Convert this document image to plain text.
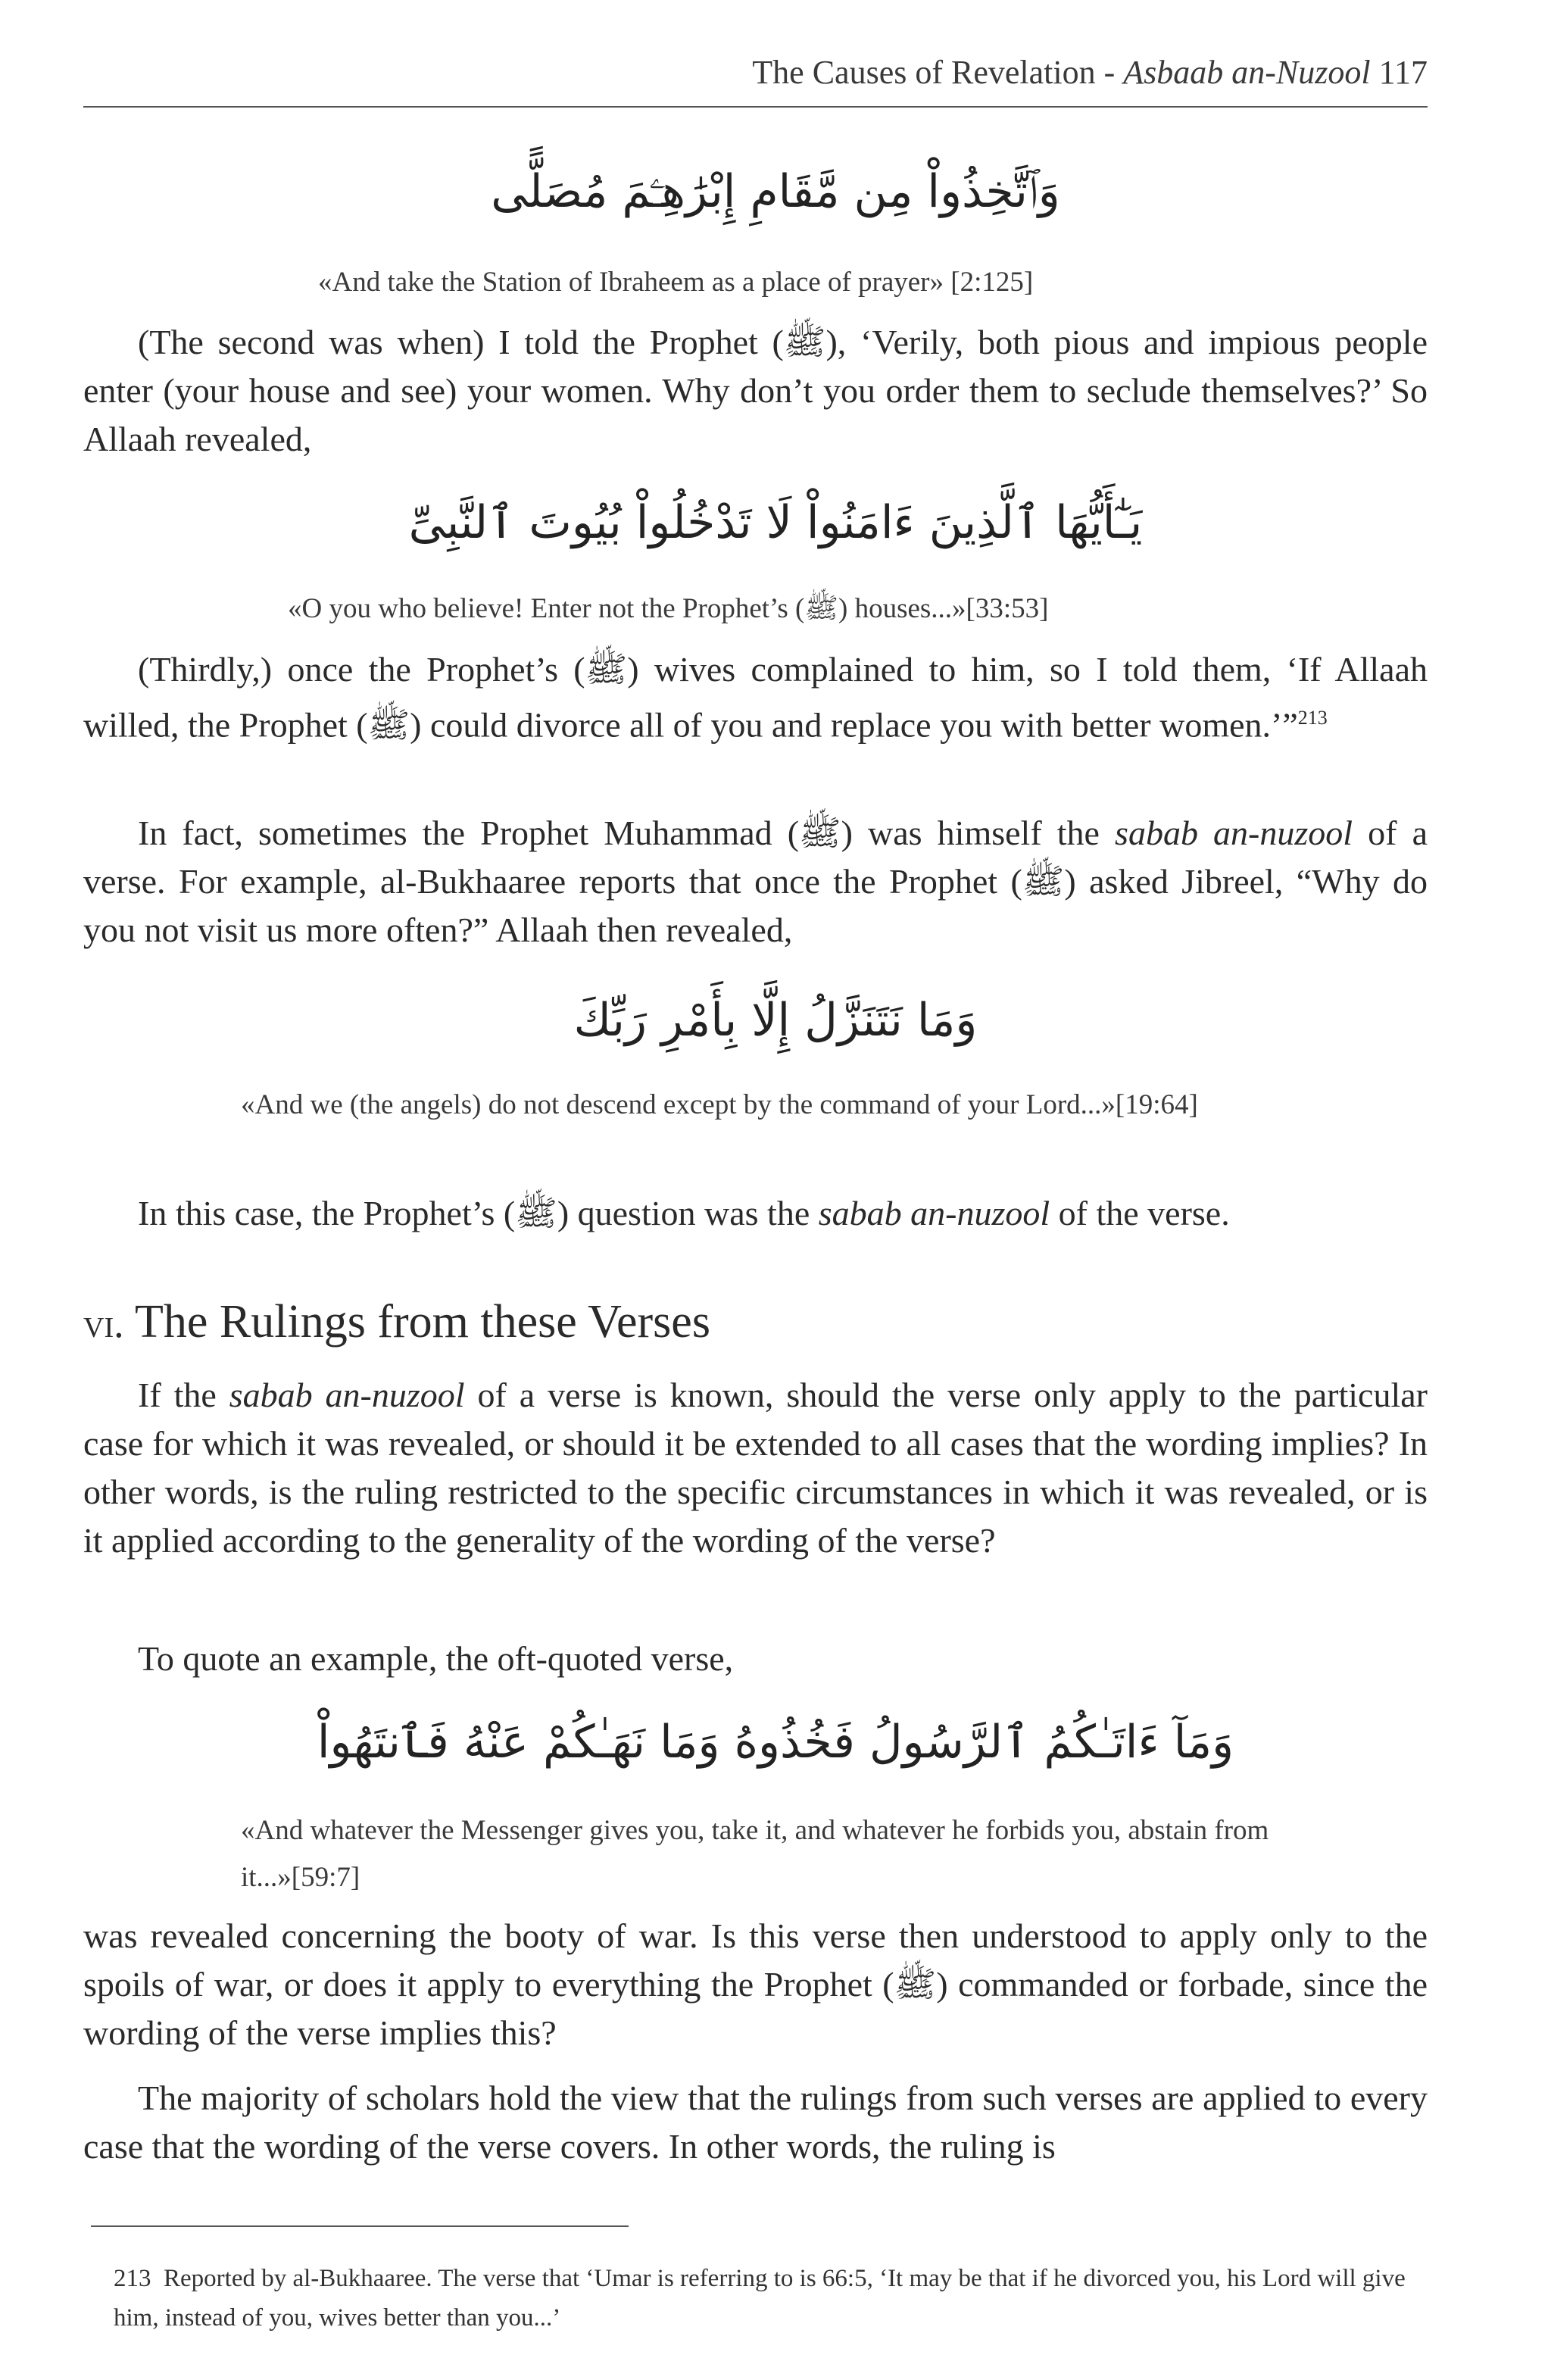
The Causes of Revelation - Asbaab an-Nuzool 117
وَٱتَّخِذُواْ مِن مَّقَامِ إِبْرَٰهِـۧمَ مُصَلًّى
«And take the Station of Ibraheem as a place of prayer» [2:125]
(The second was when) I told the Prophet (ﷺ), ‘Verily, both pious and impious people enter (your house and see) your women. Why don’t you order them to seclude themselves?’ So Allaah revealed,
يَـٰٓأَيُّهَا ٱلَّذِينَ ءَامَنُواْ لَا تَدْخُلُواْ بُيُوتَ ٱلنَّبِىِّ
«O you who believe! Enter not the Prophet’s (ﷺ) houses...»[33:53]
(Thirdly,) once the Prophet’s (ﷺ) wives complained to him, so I told them, ‘If Allaah willed, the Prophet (ﷺ) could divorce all of you and replace you with better women.’”$^{213}$
In fact, sometimes the Prophet Muhammad (ﷺ) was himself the sabab an-nuzool of a verse. For example, al-Bukhaaree reports that once the Prophet (ﷺ) asked Jibreel, “Why do you not visit us more often?” Allaah then revealed,
وَمَا نَتَنَزَّلُ إِلَّا بِأَمْرِ رَبِّكَ
«And we (the angels) do not descend except by the command of your Lord...»[19:64]
In this case, the Prophet’s (ﷺ) question was the sabab an-nuzool of the verse.
vi. The Rulings from these Verses
If the sabab an-nuzool of a verse is known, should the verse only apply to the particular case for which it was revealed, or should it be extended to all cases that the wording implies? In other words, is the ruling restricted to the specific circumstances in which it was revealed, or is it applied according to the generality of the wording of the verse?
To quote an example, the oft-quoted verse,
وَمَآ ءَاتَـٰكُمُ ٱلرَّسُولُ فَخُذُوهُ وَمَا نَهَـٰكُمْ عَنْهُ فَٱنتَهُواْ
«And whatever the Messenger gives you, take it, and whatever he forbids you, abstain from it...»[59:7]
was revealed concerning the booty of war. Is this verse then understood to apply only to the spoils of war, or does it apply to everything the Prophet (ﷺ) commanded or forbade, since the wording of the verse implies this?
The majority of scholars hold the view that the rulings from such verses are applied to every case that the wording of the verse covers. In other words, the ruling is
213 Reported by al-Bukhaaree. The verse that ‘Umar is referring to is 66:5, ‘It may be that if he divorced you, his Lord will give him, instead of you, wives better than you...’
